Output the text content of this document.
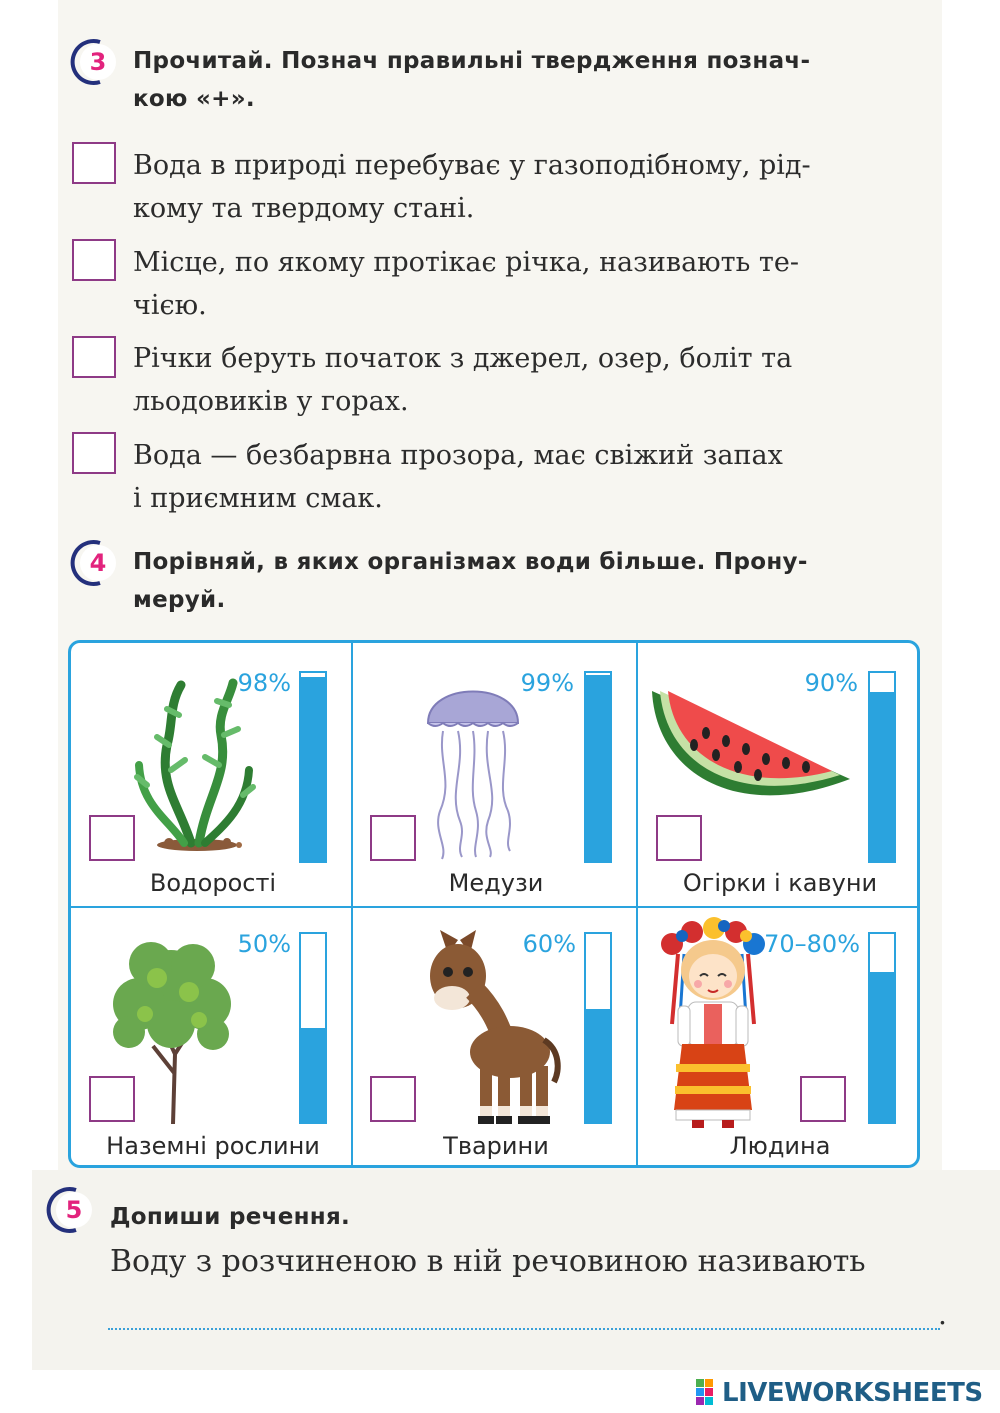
3 Прочитай. Познач правильні твердження познач-
кою «+».
Вода в природі перебуває у газоподібному, рід-
кому та твердому стані.
Місце, по якому протікає річка, називають те-
чією.
Річки беруть початок з джерел, озер, боліт та
льодовиків у горах.
Вода — безбарвна прозора, має свіжий запах
і приємним смак.
4 Порівняй, в яких організмах води більше. Прону-
меруй.
98%
Водорості
99%
Медузи
90%
Огірки і кавуни
50%
Наземні рослини
60%
Тварини
70–80%
Людина
5 Допиши речення.
Воду з розчиненою в ній речовиною називають
.
LIVEWORKSHEETS
